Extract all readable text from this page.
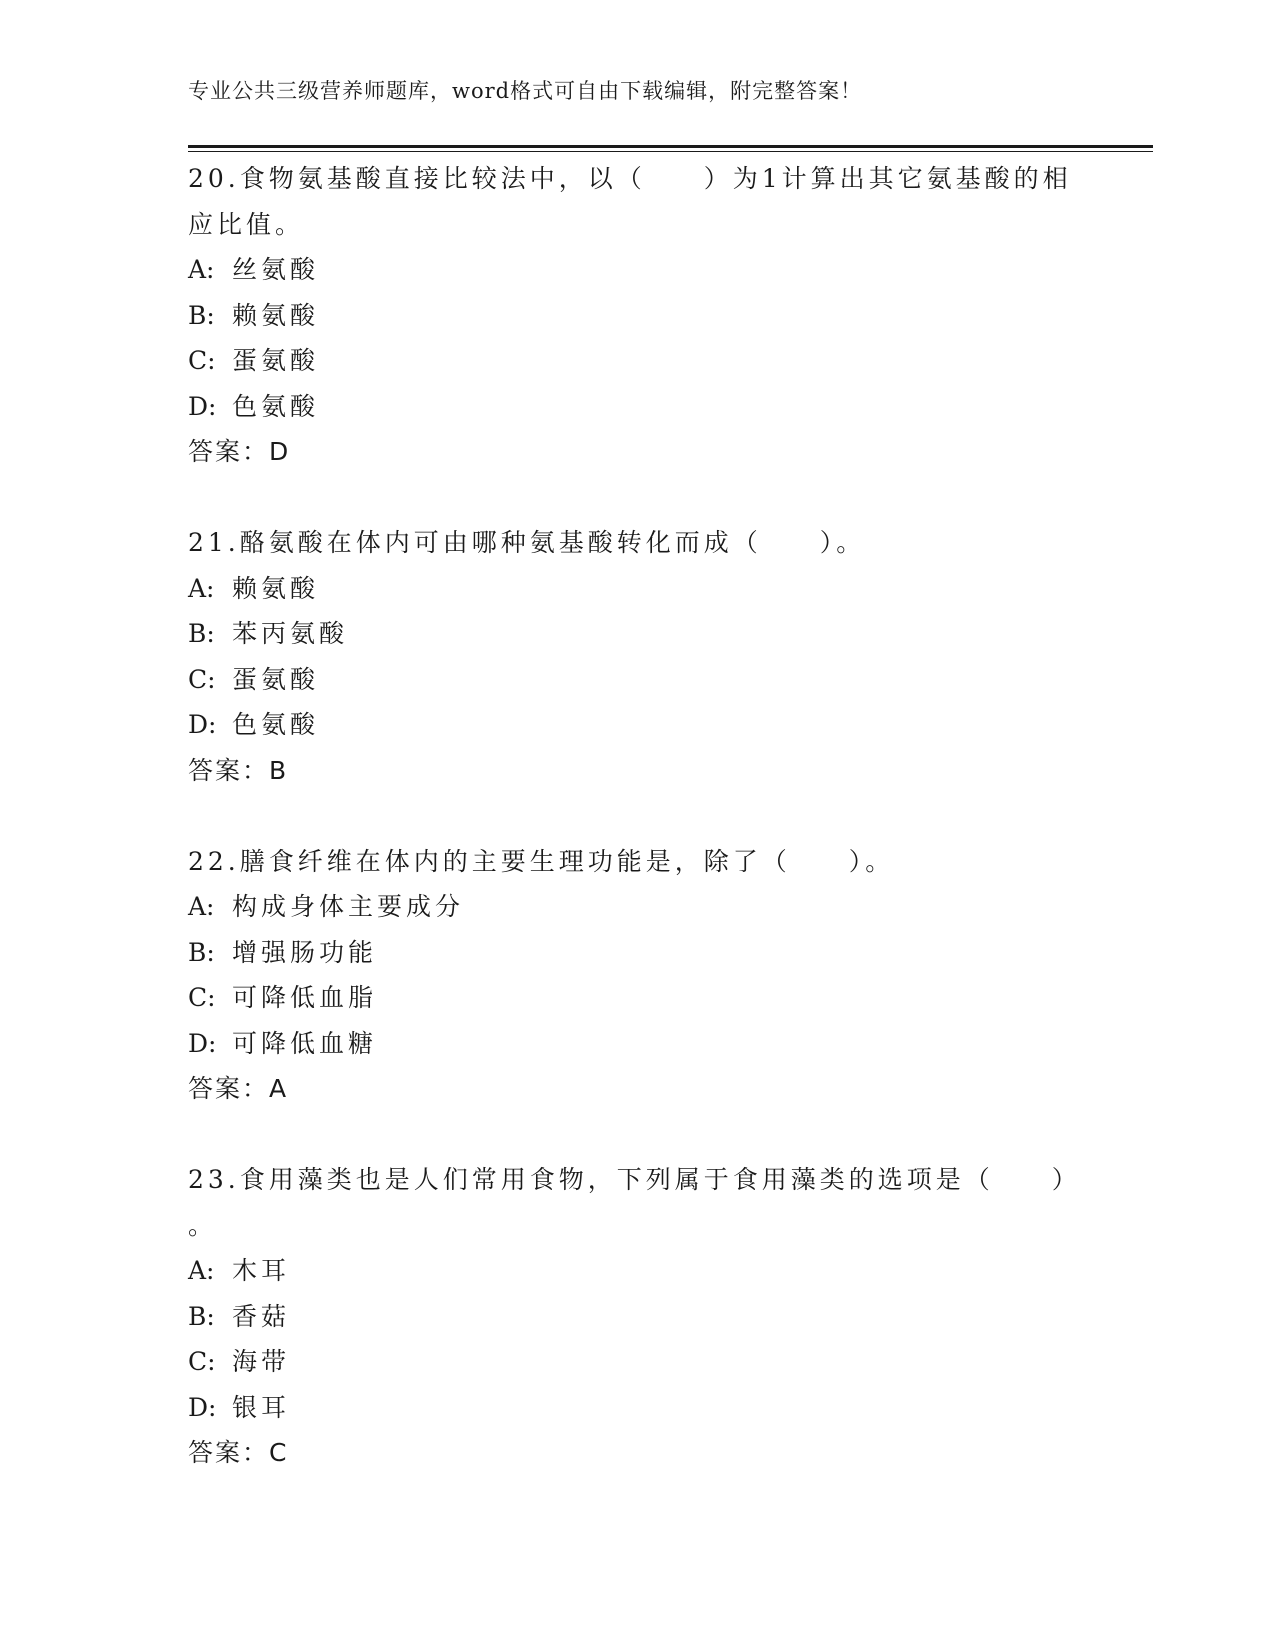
专业公共三级营养师题库，word格式可自由下载编辑，附完整答案！
20.食物氨基酸直接比较法中，以（　　）为1计算出其它氨基酸的相
应比值。
A: 丝氨酸
B: 赖氨酸
C: 蛋氨酸
D: 色氨酸
答案：D
21.酪氨酸在体内可由哪种氨基酸转化而成（　　）。
A: 赖氨酸
B: 苯丙氨酸
C: 蛋氨酸
D: 色氨酸
答案：B
22.膳食纤维在体内的主要生理功能是，除了（　　）。
A: 构成身体主要成分
B: 增强肠功能
C: 可降低血脂
D: 可降低血糖
答案：A
23.食用藻类也是人们常用食物，下列属于食用藻类的选项是（　　）
。
A: 木耳
B: 香菇
C: 海带
D: 银耳
答案：C
